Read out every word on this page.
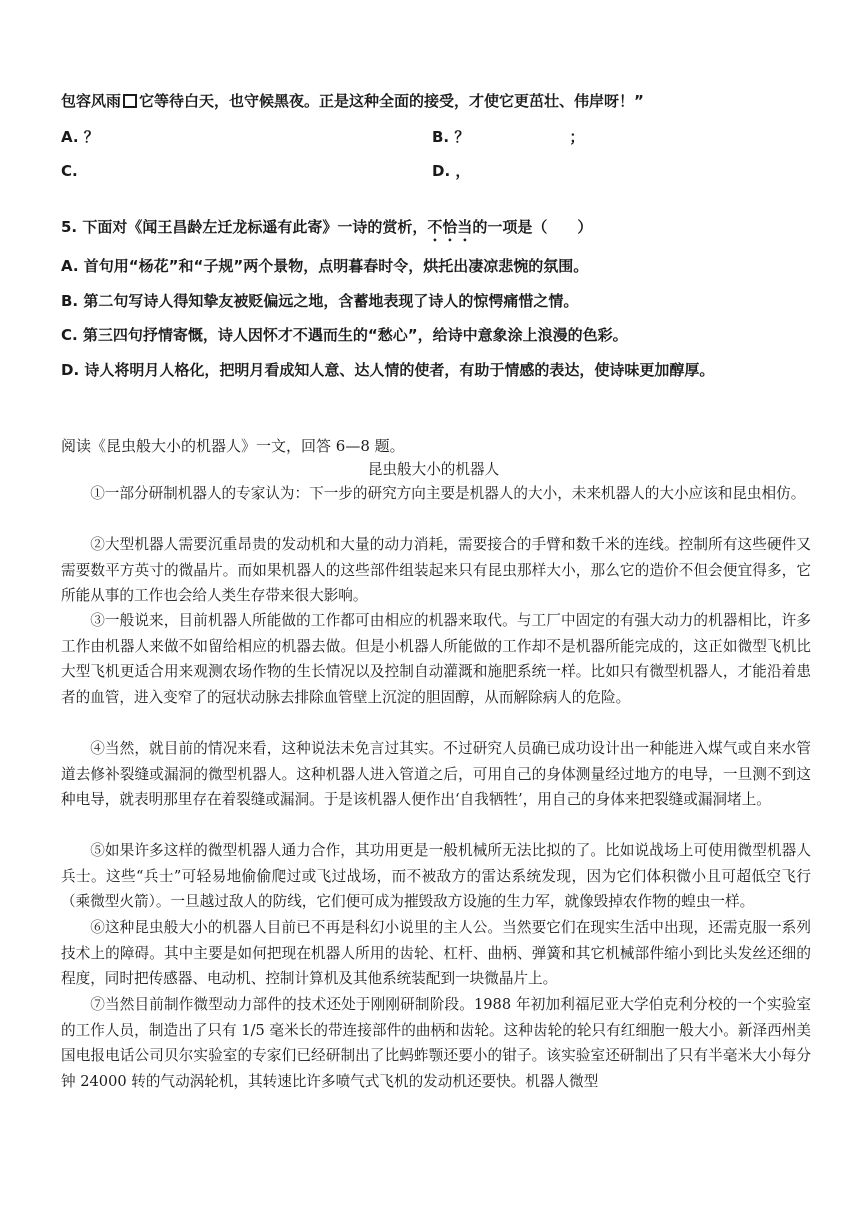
包容风雨 它等待白天，也守候黑夜。正是这种全面的接受，才使它更茁壮、伟岸呀！”
A. ？	B. ？	；
C.	D. ，
5. 下面对《闻王昌龄左迁龙标遥有此寄》一诗的赏析，不恰当的一项是（　　）
A. 首句用“杨花”和“子规”两个景物，点明暮春时令，烘托出凄凉悲惋的氛围。
B. 第二句写诗人得知挚友被贬偏远之地，含蓄地表现了诗人的惊愕痛惜之情。
C. 第三四句抒情寄慨，诗人因怀才不遇而生的“愁心”，给诗中意象涂上浪漫的色彩。
D. 诗人将明月人格化，把明月看成知人意、达人情的使者，有助于情感的表达，使诗味更加醇厚。
阅读《昆虫般大小的机器人》一文，回答 6—8 题。
昆虫般大小的机器人

①一部分研制机器人的专家认为：下一步的研究方向主要是机器人的大小，未来机器人的大小应该和昆虫相仿。

②大型机器人需要沉重昂贵的发动机和大量的动力消耗，需要接合的手臂和数千米的连线。控制所有这些硬件又需要数平方英寸的微晶片。而如果机器人的这些部件组装起来只有昆虫那样大小，那么它的造价不但会便宜得多，它所能从事的工作也会给人类生存带来很大影响。

③一般说来，目前机器人所能做的工作都可由相应的机器来取代。与工厂中固定的有强大动力的机器相比，许多工作由机器人来做不如留给相应的机器去做。但是小机器人所能做的工作却不是机器所能完成的，这正如微型飞机比大型飞机更适合用来观测农场作物的生长情况以及控制自动灌溉和施肥系统一样。比如只有微型机器人，才能沿着患者的血管，进入变窄了的冠状动脉去排除血管壁上沉淀的胆固醇，从而解除病人的危险。

④当然，就目前的情况来看，这种说法未免言过其实。不过研究人员确已成功设计出一种能进入煤气或自来水管道去修补裂缝或漏洞的微型机器人。这种机器人进入管道之后，可用自己的身体测量经过地方的电导，一旦测不到这种电导，就表明那里存在着裂缝或漏洞。于是该机器人便作出‘自我牺牲’，用自己的身体来把裂缝或漏洞堵上。

⑤如果许多这样的微型机器人通力合作，其功用更是一般机械所无法比拟的了。比如说战场上可使用微型机器人兵士。这些“兵士”可轻易地偷偷爬过或飞过战场，而不被敌方的雷达系统发现，因为它们体积微小且可超低空飞行（乘微型火箭）。一旦越过敌人的防线，它们便可成为摧毁敌方设施的生力军，就像毁掉农作物的蝗虫一样。

⑥这种昆虫般大小的机器人目前已不再是科幻小说里的主人公。当然要它们在现实生活中出现，还需克服一系列技术上的障碍。其中主要是如何把现在机器人所用的齿轮、杠杆、曲柄、弹簧和其它机械部件缩小到比头发丝还细的程度，同时把传感器、电动机、控制计算机及其他系统装配到一块微晶片上。

⑦当然目前制作微型动力部件的技术还处于刚刚研制阶段。1988 年初加利福尼亚大学伯克利分校的一个实验室的工作人员，制造出了只有 1/5 毫米长的带连接部件的曲柄和齿轮。这种齿轮的轮只有红细胞一般大小。新泽西州美国电报电话公司贝尔实验室的专家们已经研制出了比蚂蚱颚还要小的钳子。该实验室还研制出了只有半毫米大小每分钟 24000 转的气动涡轮机，其转速比许多喷气式飞机的发动机还要快。机器人微型
